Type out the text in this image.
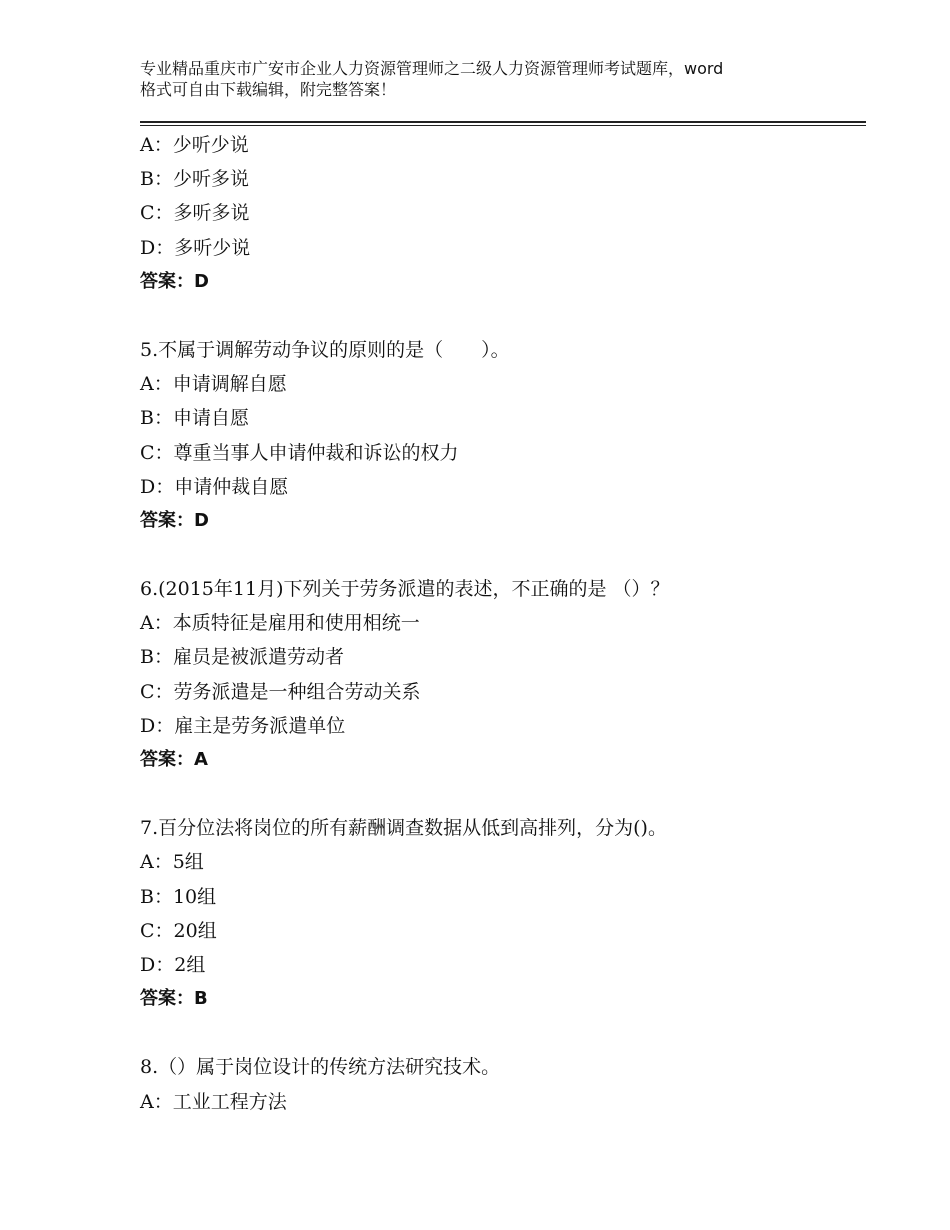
专业精品重庆市广安市企业人力资源管理师之二级人力资源管理师考试题库，word
格式可自由下载编辑，附完整答案！
A：少听少说
B：少听多说
C：多听多说
D：多听少说
答案：D
5.不属于调解劳动争议的原则的是（　　）。
A：申请调解自愿
B：申请自愿
C：尊重当事人申请仲裁和诉讼的权力
D：申请仲裁自愿
答案：D
6.(2015年11月)下列关于劳务派遣的表述，不正确的是 （）？
A：本质特征是雇用和使用相统一
B：雇员是被派遣劳动者
C：劳务派遣是一种组合劳动关系
D：雇主是劳务派遣单位
答案：A
7.百分位法将岗位的所有薪酬调查数据从低到高排列，分为()。
A：5组
B：10组
C：20组
D：2组
答案：B
8.（）属于岗位设计的传统方法研究技术。
A：工业工程方法
